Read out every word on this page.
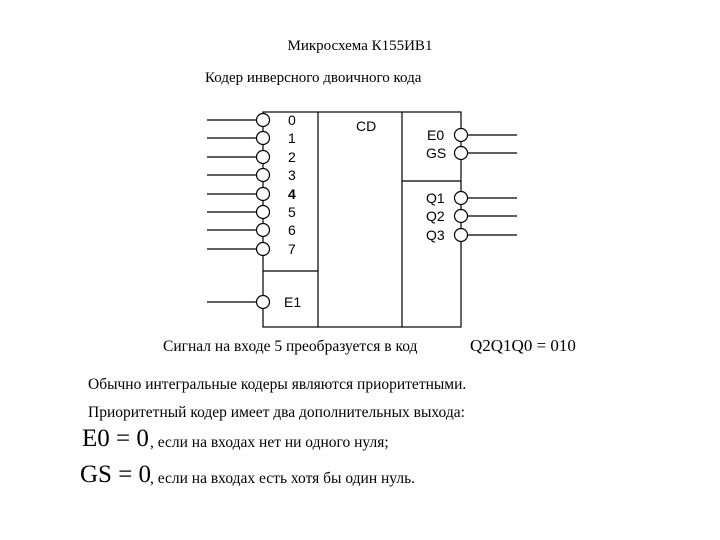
Микросхема К155ИВ1
Кодер инверсного двоичного кода
0
1
2
3
4
5
6
7
E1
CD
E0
GS
Q1
Q2
Q3
Сигнал на входе 5 преобразуется в код	Q2Q1Q0 = 010
Обычно интегральные кодеры являются приоритетными.
Приоритетный кодер имеет два дополнительных выхода:
E0 = 0 , если на входах нет ни одного нуля;
GS = 0
, если на входах есть хотя бы один нуль.
